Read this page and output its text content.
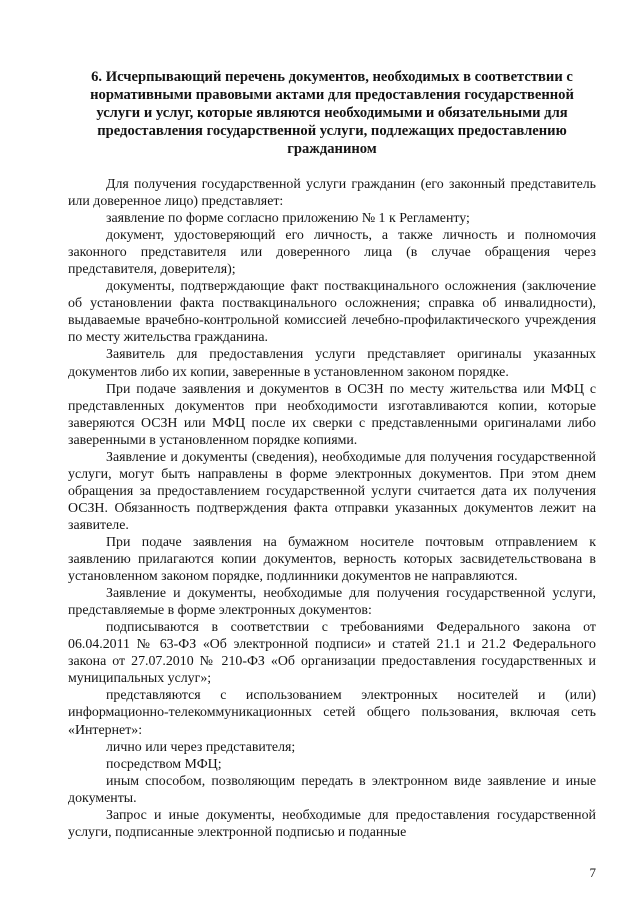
6. Исчерпывающий перечень документов, необходимых в соответствии с нормативными правовыми актами для предоставления государственной услуги и услуг, которые являются необходимыми и обязательными для предоставления государственной услуги, подлежащих предоставлению гражданином

Для получения государственной услуги гражданин (его законный представитель или доверенное лицо) представляет:

заявление по форме согласно приложению № 1 к Регламенту;

документ, удостоверяющий его личность, а также личность и полномочия законного представителя или доверенного лица (в случае обращения через представителя, доверителя);

документы, подтверждающие факт поствакцинального осложнения (заключение об установлении факта поствакцинального осложнения; справка об инвалидности), выдаваемые врачебно-контрольной комиссией лечебно-профилактического учреждения по месту жительства гражданина.

Заявитель для предоставления услуги представляет оригиналы указанных документов либо их копии, заверенные в установленном законом порядке.

При подаче заявления и документов в ОСЗН по месту жительства или МФЦ с представленных документов при необходимости изготавливаются копии, которые заверяются ОСЗН или МФЦ после их сверки с представленными оригиналами либо заверенными в установленном порядке копиями.

Заявление и документы (сведения), необходимые для получения государственной услуги, могут быть направлены в форме электронных документов. При этом днем обращения за предоставлением государственной услуги считается дата их получения ОСЗН. Обязанность подтверждения факта отправки указанных документов лежит на заявителе.

При подаче заявления на бумажном носителе почтовым отправлением к заявлению прилагаются копии документов, верность которых засвидетельствована в установленном законом порядке, подлинники документов не направляются.

Заявление и документы, необходимые для получения государственной услуги, представляемые в форме электронных документов:

подписываются в соответствии с требованиями Федерального закона от 06.04.2011 № 63-ФЗ «Об электронной подписи» и статей 21.1 и 21.2 Федерального закона от 27.07.2010 № 210-ФЗ «Об организации предоставления государственных и муниципальных услуг»;

представляются с использованием электронных носителей и (или) информационно-телекоммуникационных сетей общего пользования, включая сеть «Интернет»:

лично или через представителя;

посредством МФЦ;

иным способом, позволяющим передать в электронном виде заявление и иные документы.

Запрос и иные документы, необходимые для предоставления государственной услуги, подписанные электронной подписью и поданные

7
